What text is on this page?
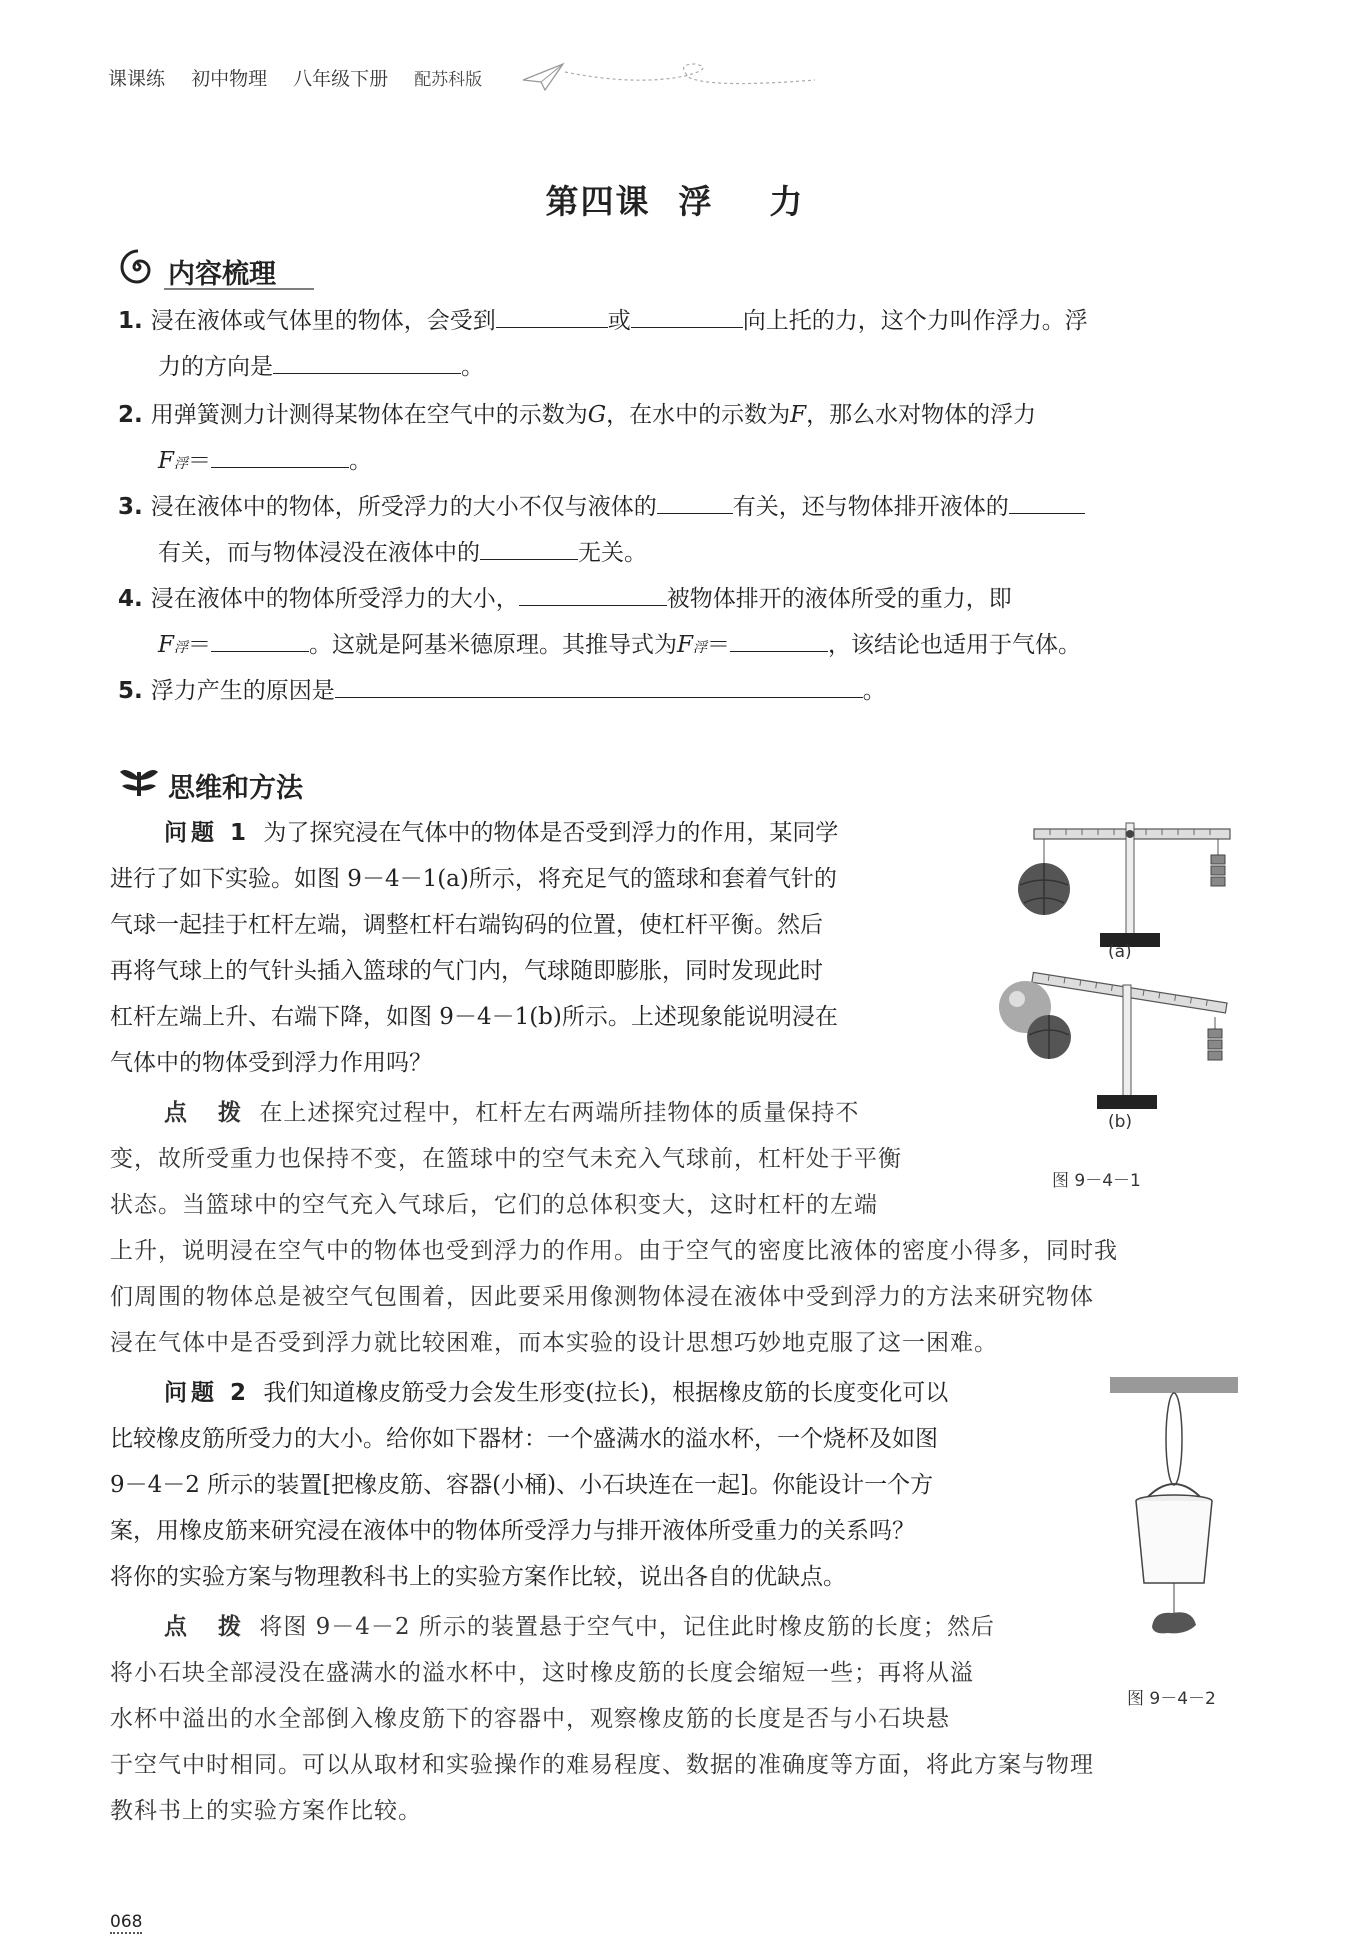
课课练 初中物理 八年级下册 配苏科版
第四课 浮 力
内容梳理
1. 浸在液体或气体里的物体，会受到	或	向上托的力，这个力叫作浮力。浮
力的方向是	。
2. 用弹簧测力计测得某物体在空气中的示数为G，在水中的示数为F，那么水对物体的浮力
F浮＝	。
3. 浸在液体中的物体，所受浮力的大小不仅与液体的	有关，还与物体排开液体的
有关，而与物体浸没在液体中的	无关。
4. 浸在液体中的物体所受浮力的大小，	被物体排开的液体所受的重力，即
F浮＝	。这就是阿基米德原理。其推导式为F浮＝	，该结论也适用于气体。
5. 浮力产生的原因是	。
思维和方法
问题 1 为了探究浸在气体中的物体是否受到浮力的作用，某同学
进行了如下实验。如图 9－4－1(a)所示，将充足气的篮球和套着气针的
气球一起挂于杠杆左端，调整杠杆右端钩码的位置，使杠杆平衡。然后
再将气球上的气针头插入篮球的气门内，气球随即膨胀，同时发现此时
杠杆左端上升、右端下降，如图 9－4－1(b)所示。上述现象能说明浸在
气体中的物体受到浮力作用吗？
点　拨 在上述探究过程中，杠杆左右两端所挂物体的质量保持不
变，故所受重力也保持不变，在篮球中的空气未充入气球前，杠杆处于平衡
状态。当篮球中的空气充入气球后，它们的总体积变大，这时杠杆的左端
上升，说明浸在空气中的物体也受到浮力的作用。由于空气的密度比液体的密度小得多，同时我
们周围的物体总是被空气包围着，因此要采用像测物体浸在液体中受到浮力的方法来研究物体
浸在气体中是否受到浮力就比较困难，而本实验的设计思想巧妙地克服了这一困难。
问题 2 我们知道橡皮筋受力会发生形变(拉长)，根据橡皮筋的长度变化可以
比较橡皮筋所受力的大小。给你如下器材：一个盛满水的溢水杯，一个烧杯及如图
9－4－2 所示的装置[把橡皮筋、容器(小桶)、小石块连在一起]。你能设计一个方
案，用橡皮筋来研究浸在液体中的物体所受浮力与排开液体所受重力的关系吗？
将你的实验方案与物理教科书上的实验方案作比较，说出各自的优缺点。
点　拨 将图 9－4－2 所示的装置悬于空气中，记住此时橡皮筋的长度；然后
将小石块全部浸没在盛满水的溢水杯中，这时橡皮筋的长度会缩短一些；再将从溢
水杯中溢出的水全部倒入橡皮筋下的容器中，观察橡皮筋的长度是否与小石块悬
于空气中时相同。可以从取材和实验操作的难易程度、数据的准确度等方面，将此方案与物理
教科书上的实验方案作比较。
(a)
(b)
图 9－4－1
图 9－4－2
068
